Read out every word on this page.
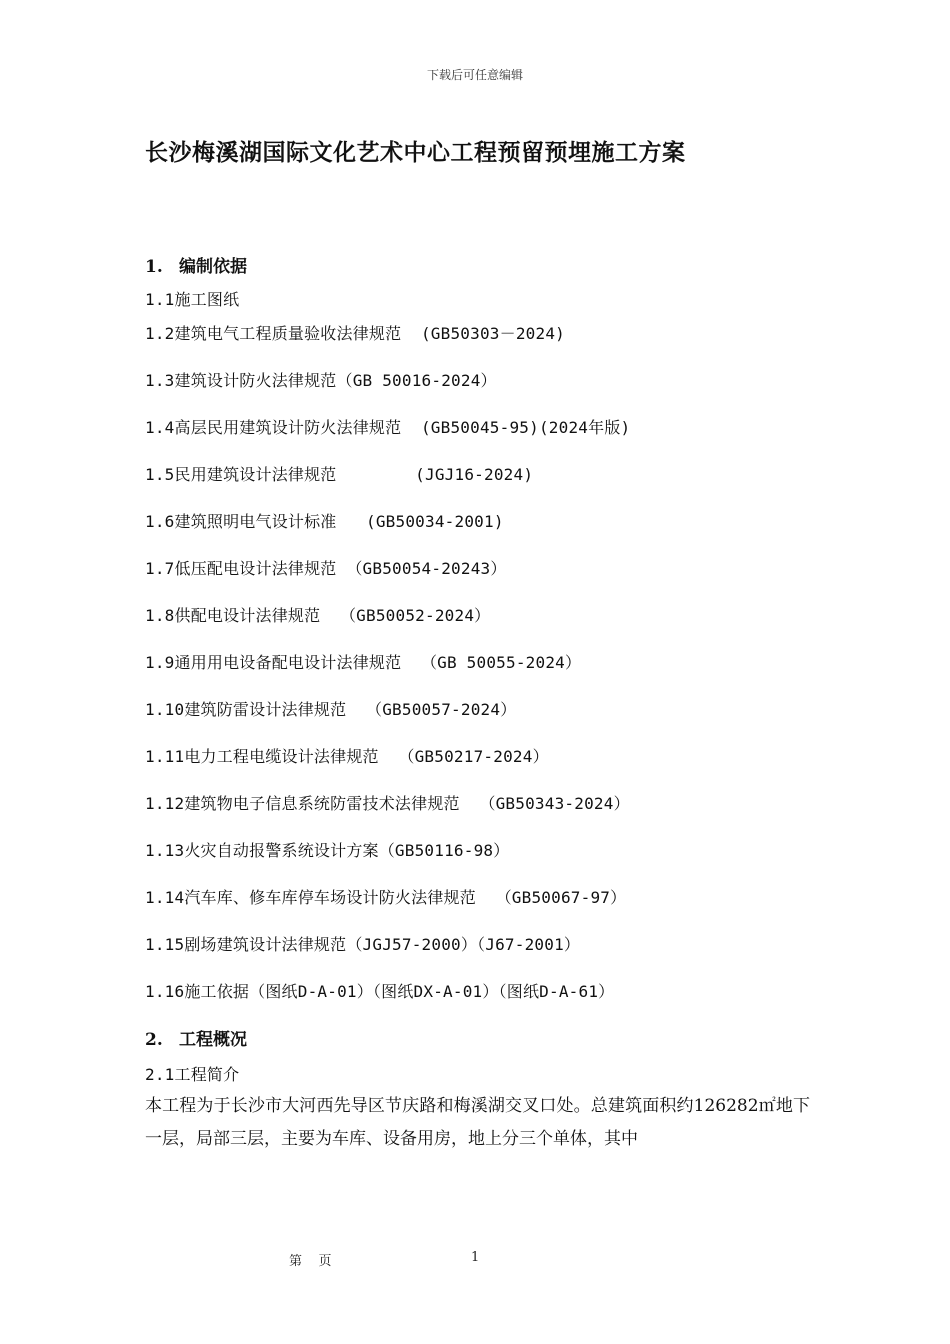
下载后可任意编辑
长沙梅溪湖国际文化艺术中心工程预留预埋施工方案
1. 编制依据
1.1施工图纸
1.2建筑电气工程质量验收法律规范  (GB50303－2024)
1.3建筑设计防火法律规范（GB 50016-2024）
1.4高层民用建筑设计防火法律规范  (GB50045-95)(2024年版)
1.5民用建筑设计法律规范        (JGJ16-2024)
1.6建筑照明电气设计标准   (GB50034-2001)
1.7低压配电设计法律规范 （GB50054-20243）
1.8供配电设计法律规范  （GB50052-2024）
1.9通用用电设备配电设计法律规范  （GB 50055-2024）
1.10建筑防雷设计法律规范  （GB50057-2024）
1.11电力工程电缆设计法律规范  （GB50217-2024）
1.12建筑物电子信息系统防雷技术法律规范  （GB50343-2024）
1.13火灾自动报警系统设计方案（GB50116-98）
1.14汽车库、修车库停车场设计防火法律规范  （GB50067-97）
1.15剧场建筑设计法律规范（JGJ57-2000）（J67-2001）
1.16施工依据（图纸D-A-01）（图纸DX-A-01）（图纸D-A-61）
2. 工程概况
2.1工程简介
本工程为于长沙市大河西先导区节庆路和梅溪湖交叉口处。总建筑面积约126282㎡地下一层，局部三层，主要为车库、设备用房，地上分三个单体，其中
第    页	1
